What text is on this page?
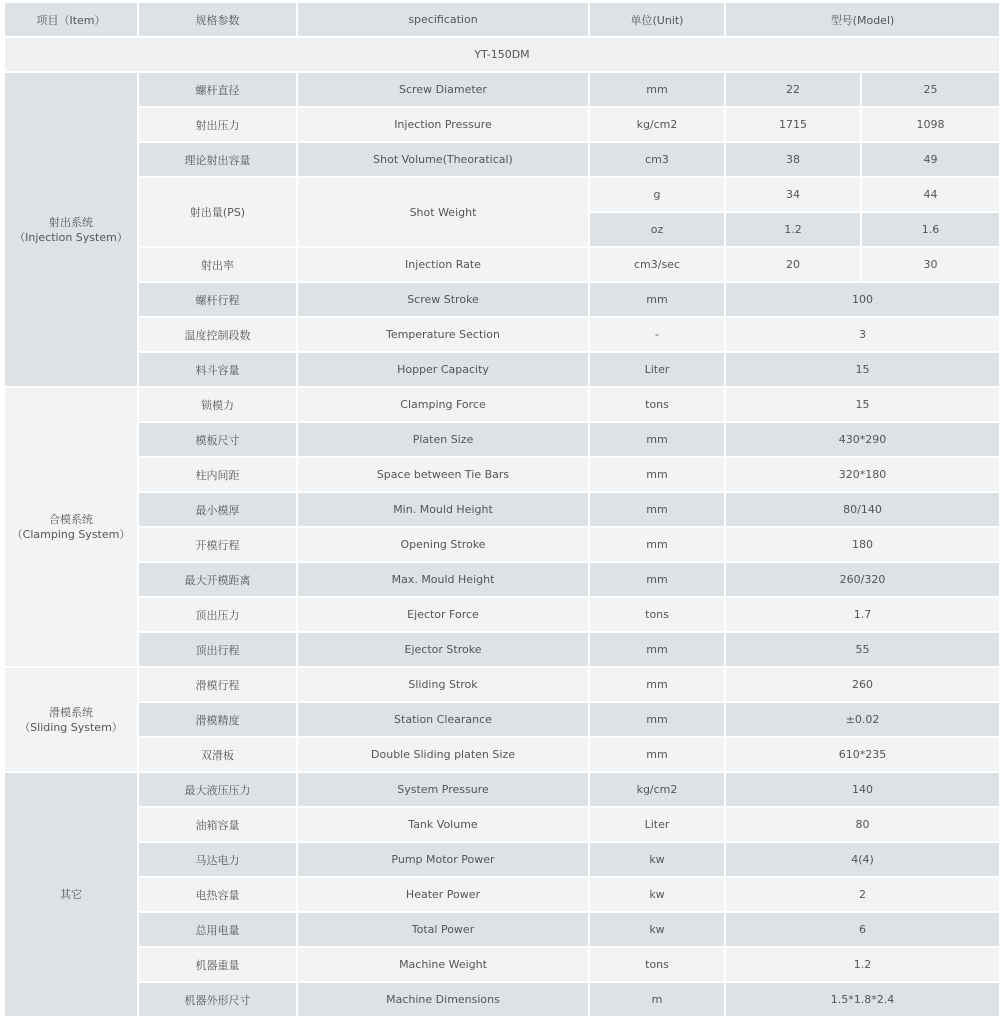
项目（Item）	规格参数	specification	单位(Unit)	型号(Model)	
YT-150DM					

射出系统
（Injection System）	螺杆直径	Screw Diameter	mm	22	25
	射出压力	Injection Pressure	kg/cm2	1715	1098
	理论射出容量	Shot Volume(Theoratical)	cm3	38	49
	射出量(PS)	Shot Weight	g	34	44
			oz	1.2	1.6
	射出率	Injection Rate	cm3/sec	20	30
	螺杆行程	Screw Stroke	mm	100	
	温度控制段数	Temperature Section	-	3	
	料斗容量	Hopper Capacity	Liter	15	

合模系统
（Clamping System）	锁模力	Clamping Force	tons	15	
	模板尺寸	Platen Size	mm	430*290	
	柱内间距	Space between Tie Bars	mm	320*180	
	最小模厚	Min. Mould Height	mm	80/140	
	开模行程	Opening Stroke	mm	180	
	最大开模距离	Max. Mould Height	mm	260/320	
	顶出压力	Ejector Force	tons	1.7	
	顶出行程	Ejector Stroke	mm	55	

滑模系统
（Sliding System）	滑模行程	Sliding Strok	mm	260	
	滑模精度	Station Clearance	mm	±0.02	
	双滑板	Double Sliding platen Size	mm	610*235	

其它	最大液压压力	System Pressure	kg/cm2	140	
	油箱容量	Tank Volume	Liter	80	
	马达电力	Pump Motor Power	kw	4(4)	
	电热容量	Heater Power	kw	2	
	总用电量	Total Power	kw	6	
	机器重量	Machine Weight	tons	1.2	
	机器外形尺寸	Machine Dimensions	m	1.5*1.8*2.4	
